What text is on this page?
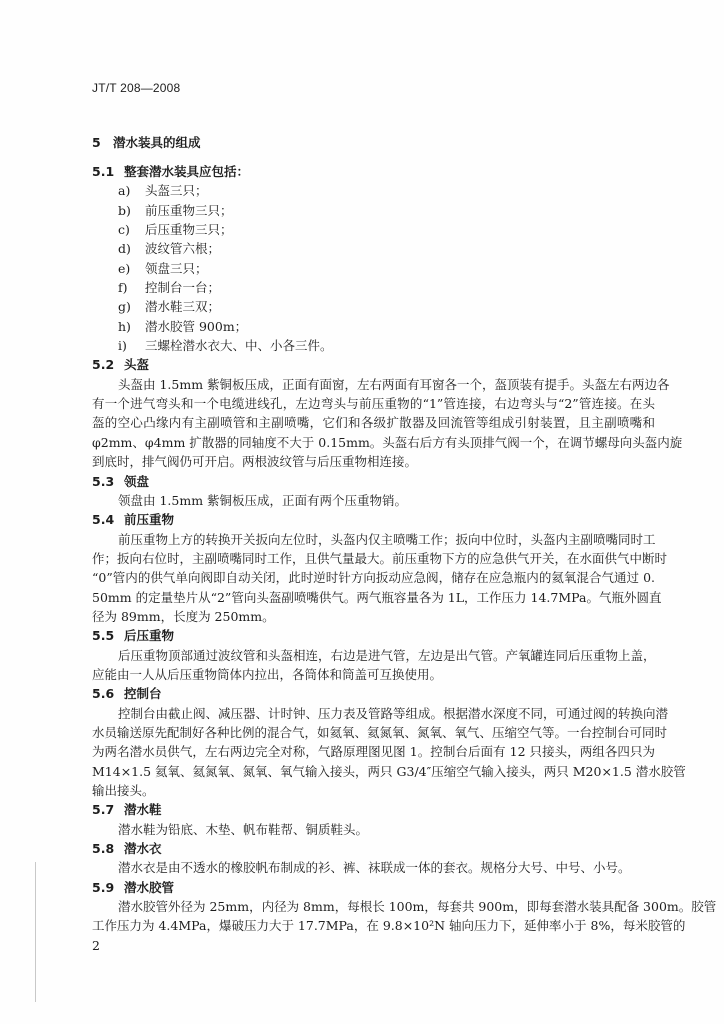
JT/T 208—2008
5 潜水装具的组成
5.1 整套潜水装具应包括：
a) 头盔三只；
b) 前压重物三只；
c) 后压重物三只；
d) 波纹管六根；
e) 领盘三只；
f) 控制台一台；
g) 潜水鞋三双；
h) 潜水胶管 900m；
i) 三螺栓潜水衣大、中、小各三件。
5.2 头盔
头盔由 1.5mm 紫铜板压成，正面有面窗，左右两面有耳窗各一个，盔顶装有提手。头盔左右两边各
有一个进气弯头和一个电缆进线孔，左边弯头与前压重物的“1”管连接，右边弯头与“2”管连接。在头
盔的空心凸缘内有主副喷管和主副喷嘴，它们和各级扩散器及回流管等组成引射装置，且主副喷嘴和
φ2mm、φ4mm 扩散器的同轴度不大于 0.15mm。头盔右后方有头顶排气阀一个，在调节螺母向头盔内旋
到底时，排气阀仍可开启。两根波纹管与后压重物相连接。
5.3 领盘
领盘由 1.5mm 紫铜板压成，正面有两个压重物销。
5.4 前压重物
前压重物上方的转换开关扳向左位时，头盔内仅主喷嘴工作；扳向中位时，头盔内主副喷嘴同时工
作；扳向右位时，主副喷嘴同时工作，且供气量最大。前压重物下方的应急供气开关，在水面供气中断时
“0”管内的供气单向阀即自动关闭，此时逆时针方向扳动应急阀，储存在应急瓶内的氦氧混合气通过 0.
50mm 的定量垫片从“2”管向头盔副喷嘴供气。两气瓶容量各为 1L，工作压力 14.7MPa。气瓶外圆直
径为 89mm，长度为 250mm。
5.5 后压重物
后压重物顶部通过波纹管和头盔相连，右边是进气管，左边是出气管。产氧罐连同后压重物上盖，
应能由一人从后压重物筒体内拉出，各筒体和筒盖可互换使用。
5.6 控制台
控制台由截止阀、减压器、计时钟、压力表及管路等组成。根据潜水深度不同，可通过阀的转换向潜
水员输送原先配制好各种比例的混合气，如氦氧、氦氮氧、氮氧、氧气、压缩空气等。一台控制台可同时
为两名潜水员供气，左右两边完全对称，气路原理图见图 1。控制台后面有 12 只接头，两组各四只为
M14×1.5 氦氧、氦氮氧、氮氧、氧气输入接头，两只 G3/4″压缩空气输入接头，两只 M20×1.5 潜水胶管
输出接头。
5.7 潜水鞋
潜水鞋为铅底、木垫、帆布鞋帮、铜质鞋头。
5.8 潜水衣
潜水衣是由不透水的橡胶帆布制成的衫、裤、袜联成一体的套衣。规格分大号、中号、小号。
5.9 潜水胶管
潜水胶管外径为 25mm，内径为 8mm，每根长 100m，每套共 900m，即每套潜水装具配备 300m。胶管
工作压力为 4.4MPa，爆破压力大于 17.7MPa，在 9.8×10²N 轴向压力下，延伸率小于 8%，每米胶管的
2
